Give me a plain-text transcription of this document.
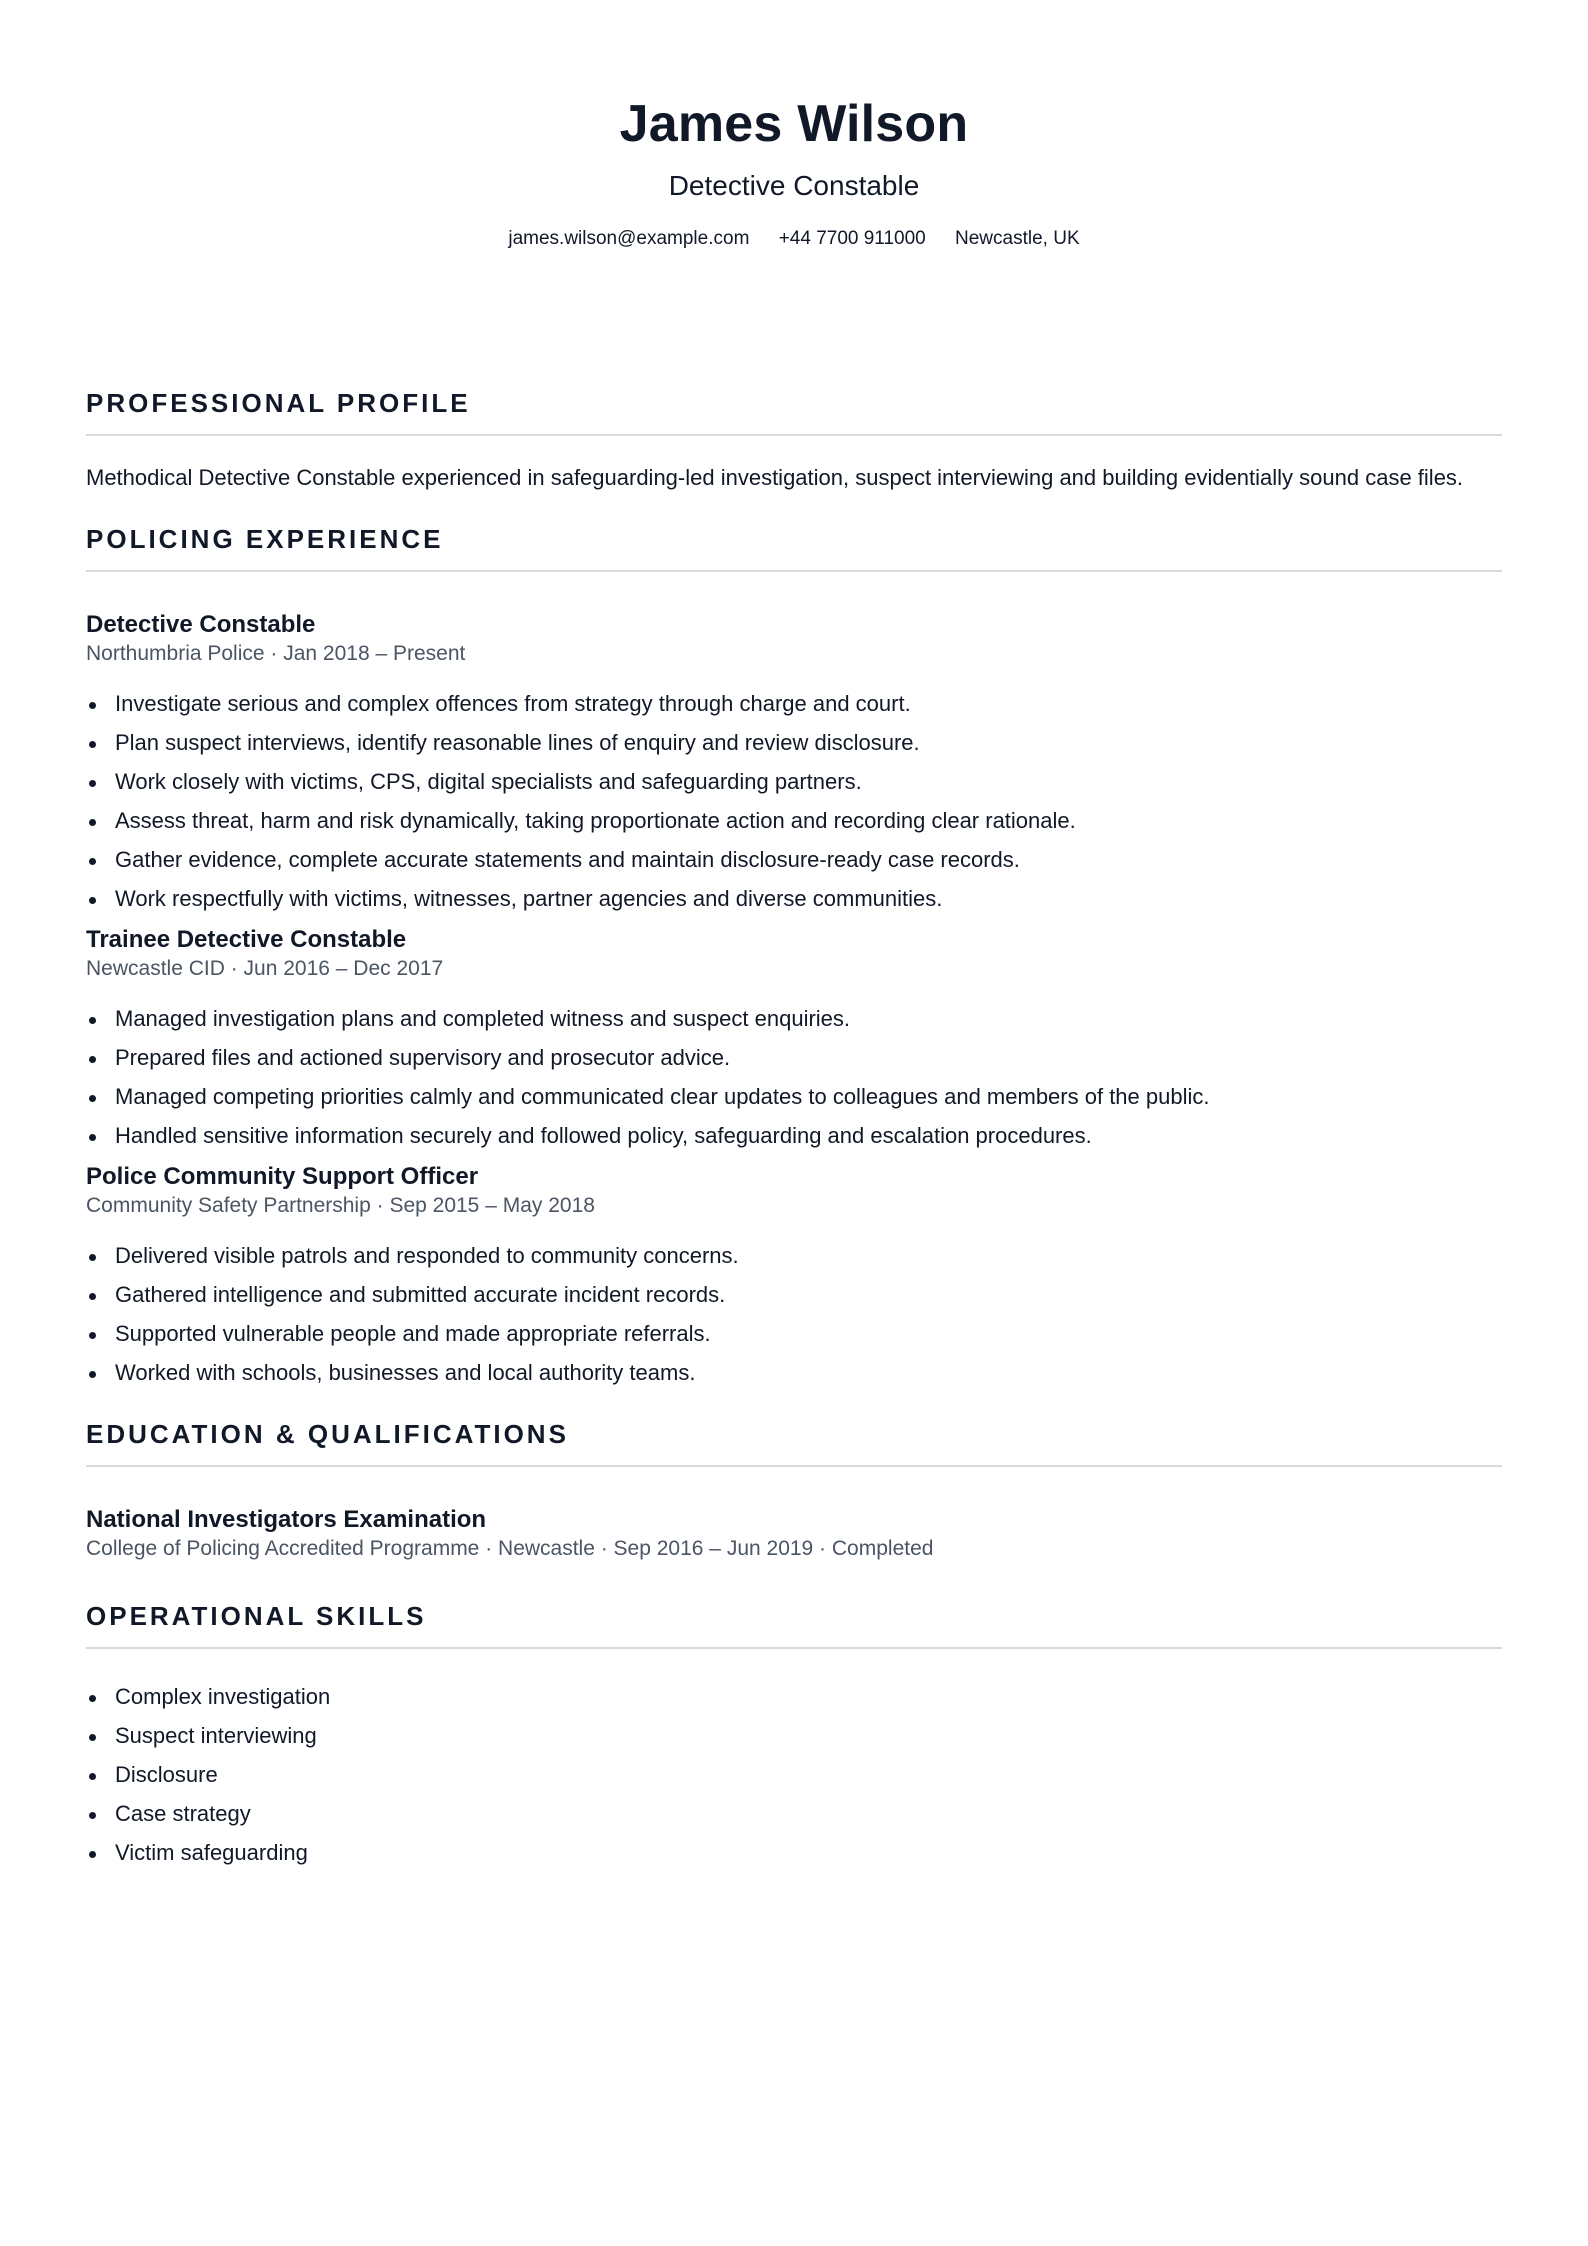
James Wilson
Detective Constable
james.wilson@example.com +44 7700 911000 Newcastle, UK
PROFESSIONAL PROFILE
Methodical Detective Constable experienced in safeguarding-led investigation, suspect interviewing and building evidentially sound case files.
POLICING EXPERIENCE
Detective Constable
Northumbria Police · Jan 2018 – Present
Investigate serious and complex offences from strategy through charge and court.
Plan suspect interviews, identify reasonable lines of enquiry and review disclosure.
Work closely with victims, CPS, digital specialists and safeguarding partners.
Assess threat, harm and risk dynamically, taking proportionate action and recording clear rationale.
Gather evidence, complete accurate statements and maintain disclosure-ready case records.
Work respectfully with victims, witnesses, partner agencies and diverse communities.
Trainee Detective Constable
Newcastle CID · Jun 2016 – Dec 2017
Managed investigation plans and completed witness and suspect enquiries.
Prepared files and actioned supervisory and prosecutor advice.
Managed competing priorities calmly and communicated clear updates to colleagues and members of the public.
Handled sensitive information securely and followed policy, safeguarding and escalation procedures.
Police Community Support Officer
Community Safety Partnership · Sep 2015 – May 2018
Delivered visible patrols and responded to community concerns.
Gathered intelligence and submitted accurate incident records.
Supported vulnerable people and made appropriate referrals.
Worked with schools, businesses and local authority teams.
EDUCATION & QUALIFICATIONS
National Investigators Examination
College of Policing Accredited Programme · Newcastle · Sep 2016 – Jun 2019 · Completed
OPERATIONAL SKILLS
Complex investigation
Suspect interviewing
Disclosure
Case strategy
Victim safeguarding
